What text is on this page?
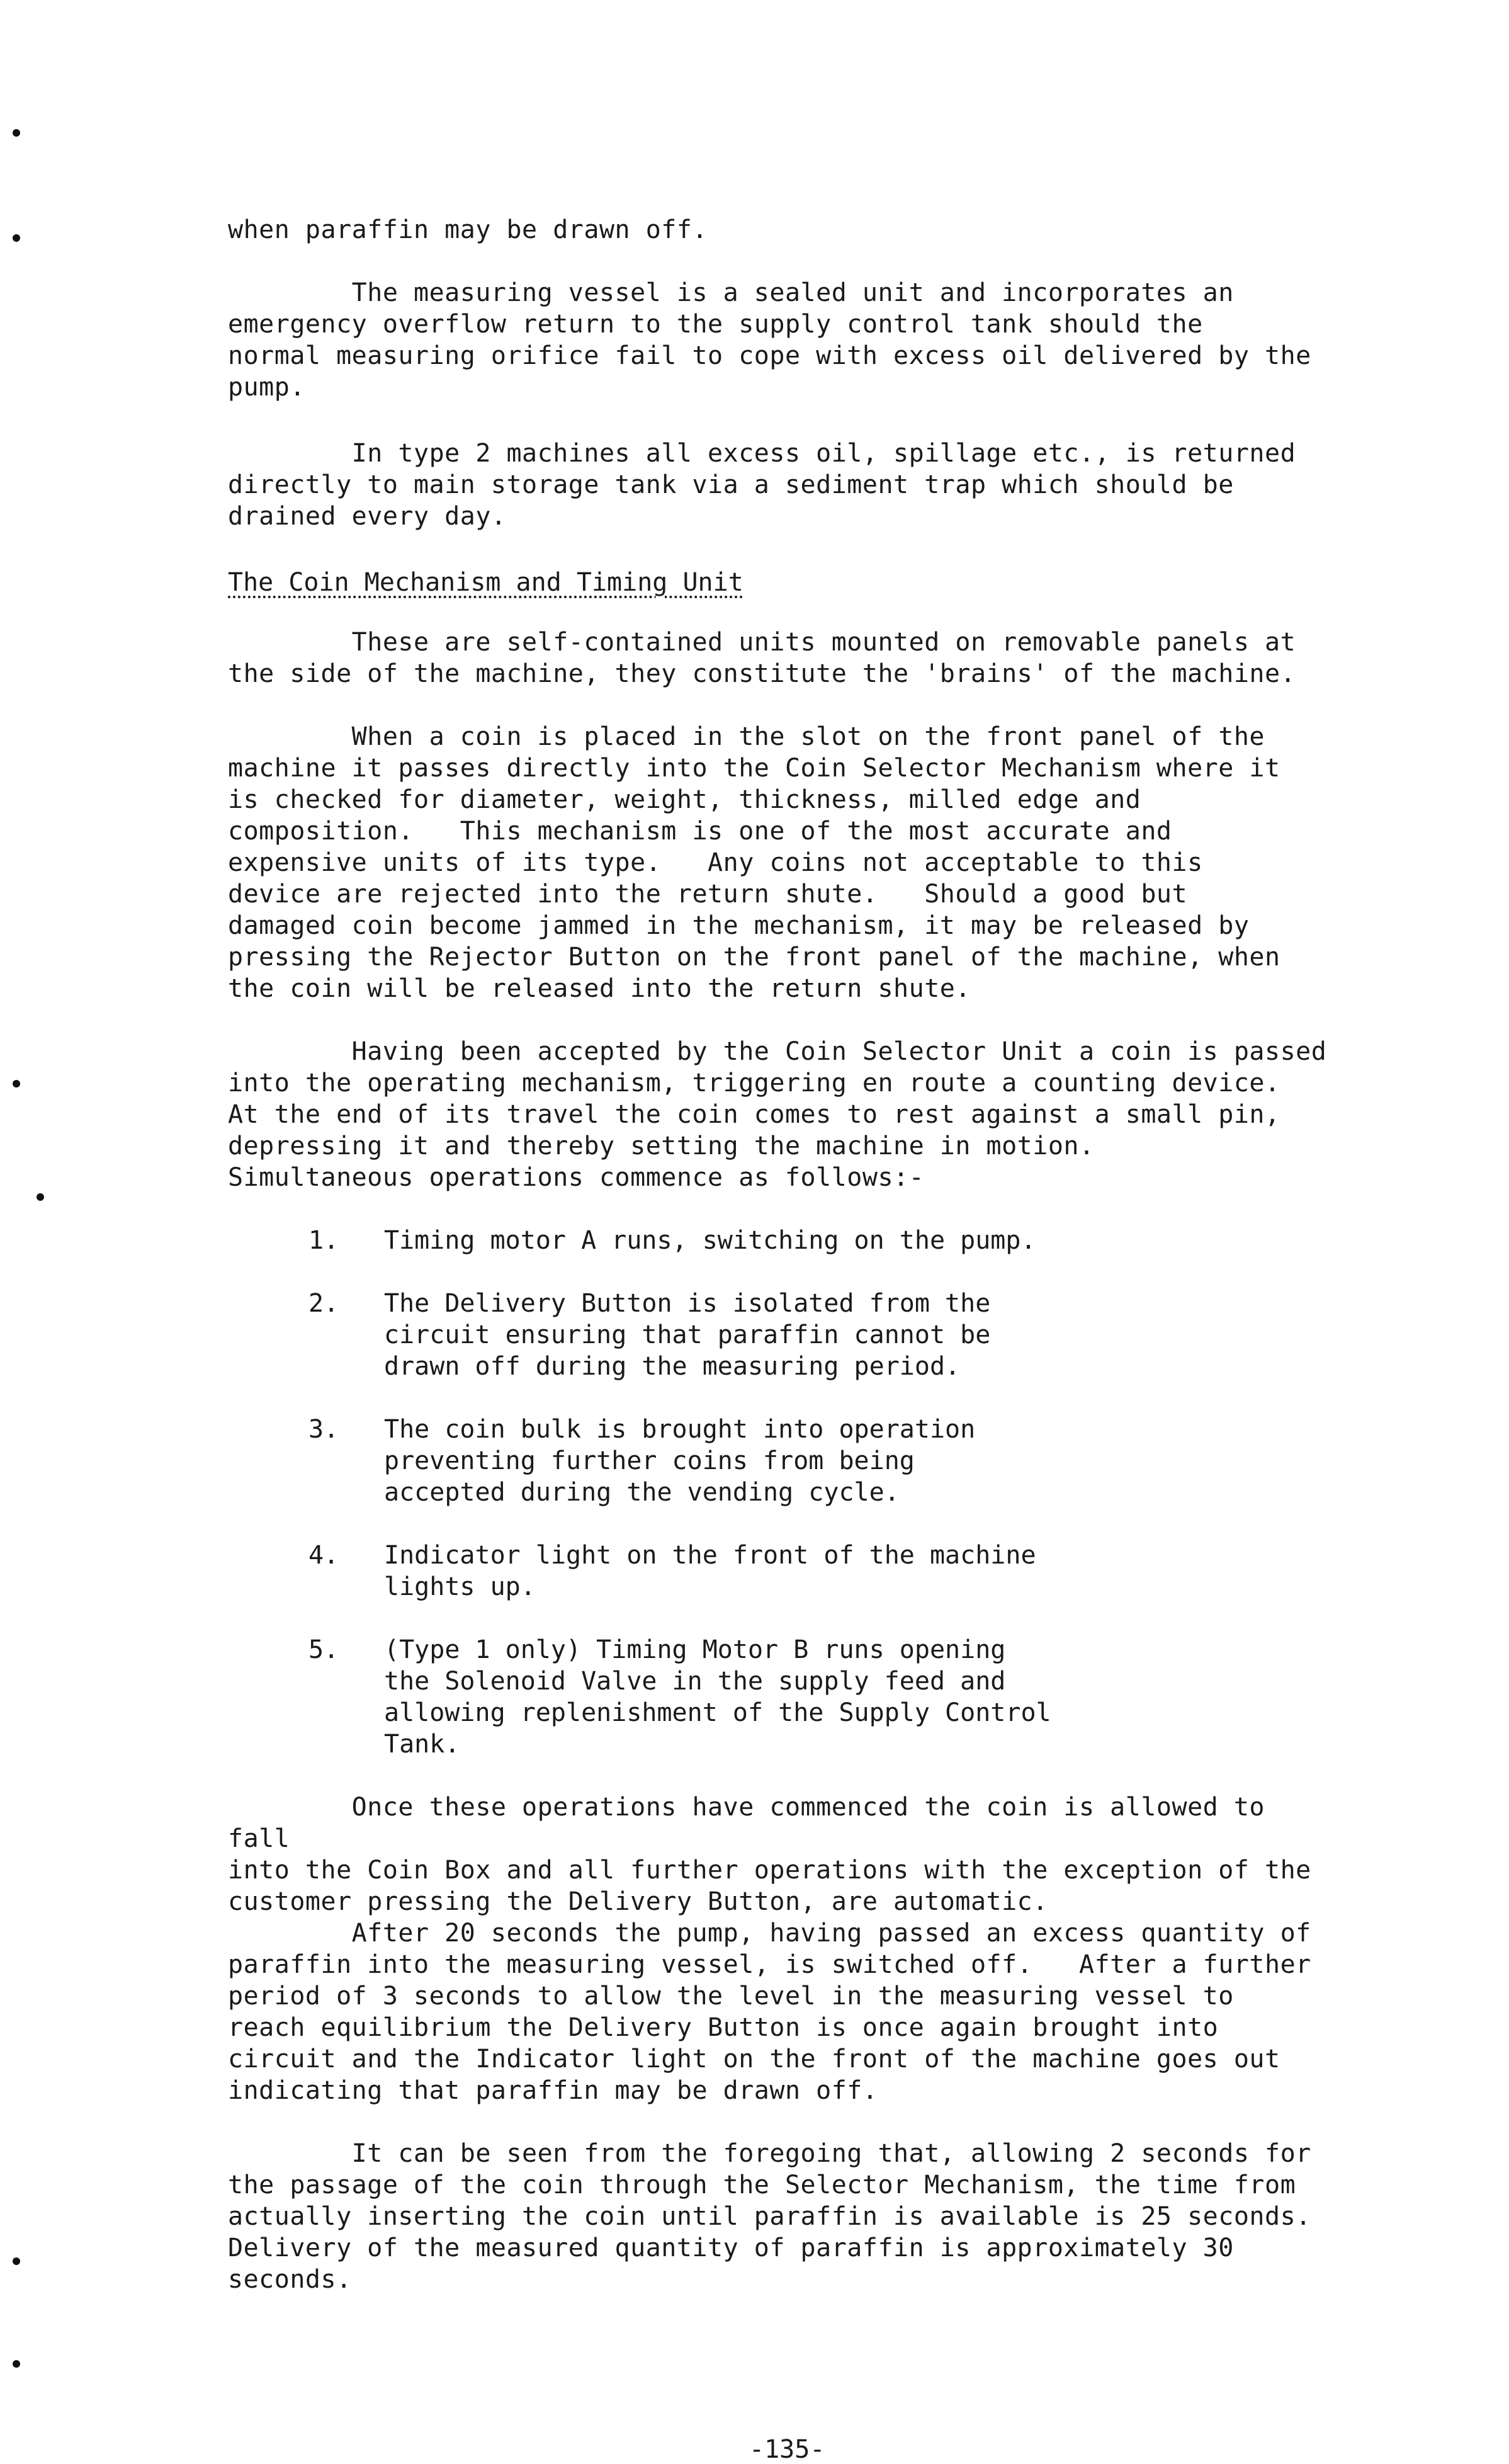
when paraffin may be drawn off.
The measuring vessel is a sealed unit and incorporates an
emergency overflow return to the supply control tank should the
normal measuring orifice fail to cope with excess oil delivered by the
pump.
In type 2 machines all excess oil, spillage etc., is returned
directly to main storage tank via a sediment trap which should be
drained every day.
The Coin Mechanism and Timing Unit
These are self-contained units mounted on removable panels at
the side of the machine, they constitute the 'brains' of the machine.
When a coin is placed in the slot on the front panel of the
machine it passes directly into the Coin Selector Mechanism where it
is checked for diameter, weight, thickness, milled edge and
composition.   This mechanism is one of the most accurate and
expensive units of its type.   Any coins not acceptable to this
device are rejected into the return shute.   Should a good but
damaged coin become jammed in the mechanism, it may be released by
pressing the Rejector Button on the front panel of the machine, when
the coin will be released into the return shute.
Having been accepted by the Coin Selector Unit a coin is passed
into the operating mechanism, triggering en route a counting device.
At the end of its travel the coin comes to rest against a small pin,
depressing it and thereby setting the machine in motion.
Simultaneous operations commence as follows:-
1. Timing motor A runs, switching on the pump.
2. The Delivery Button is isolated from the
circuit ensuring that paraffin cannot be
drawn off during the measuring period.
3. The coin bulk is brought into operation
preventing further coins from being
accepted during the vending cycle.
4. Indicator light on the front of the machine
lights up.
5. (Type 1 only) Timing Motor B runs opening
the Solenoid Valve in the supply feed and
allowing replenishment of the Supply Control
Tank.
Once these operations have commenced the coin is allowed to fall
into the Coin Box and all further operations with the exception of the
customer pressing the Delivery Button, are automatic.
After 20 seconds the pump, having passed an excess quantity of
paraffin into the measuring vessel, is switched off.   After a further
period of 3 seconds to allow the level in the measuring vessel to
reach equilibrium the Delivery Button is once again brought into
circuit and the Indicator light on the front of the machine goes out
indicating that paraffin may be drawn off.
It can be seen from the foregoing that, allowing 2 seconds for
the passage of the coin through the Selector Mechanism, the time from
actually inserting the coin until paraffin is available is 25 seconds.
Delivery of the measured quantity of paraffin is approximately 30
seconds.
-135-
